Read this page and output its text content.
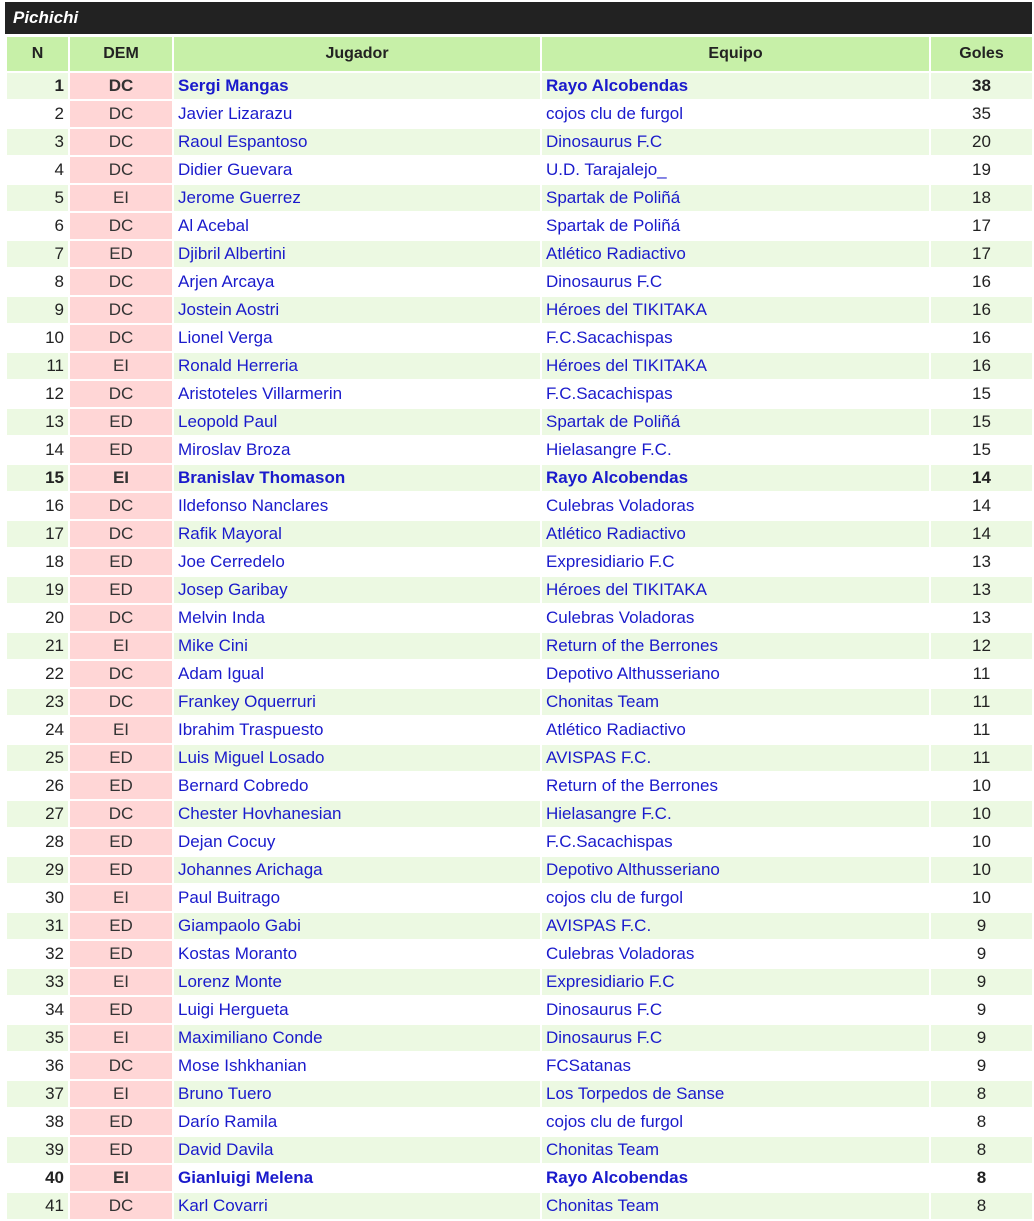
Pichichi
N	DEM	Jugador	Equipo	Goles
1	DC	Sergi Mangas	Rayo Alcobendas	38
2	DC	Javier Lizarazu	cojos clu de furgol	35
3	DC	Raoul Espantoso	Dinosaurus F.C	20
4	DC	Didier Guevara	U.D. Tarajalejo_	19
5	EI	Jerome Guerrez	Spartak de Poliñá	18
6	DC	Al Acebal	Spartak de Poliñá	17
7	ED	Djibril Albertini	Atlético Radiactivo	17
8	DC	Arjen Arcaya	Dinosaurus F.C	16
9	DC	Jostein Aostri	Héroes del TIKITAKA	16
10	DC	Lionel Verga	F.C.Sacachispas	16
11	EI	Ronald Herreria	Héroes del TIKITAKA	16
12	DC	Aristoteles Villarmerin	F.C.Sacachispas	15
13	ED	Leopold Paul	Spartak de Poliñá	15
14	ED	Miroslav Broza	Hielasangre F.C.	15
15	EI	Branislav Thomason	Rayo Alcobendas	14
16	DC	Ildefonso Nanclares	Culebras Voladoras	14
17	DC	Rafik Mayoral	Atlético Radiactivo	14
18	ED	Joe Cerredelo	Expresidiario F.C	13
19	ED	Josep Garibay	Héroes del TIKITAKA	13
20	DC	Melvin Inda	Culebras Voladoras	13
21	EI	Mike Cini	Return of the Berrones	12
22	DC	Adam Igual	Depotivo Althusseriano	11
23	DC	Frankey Oquerruri	Chonitas Team	11
24	EI	Ibrahim Traspuesto	Atlético Radiactivo	11
25	ED	Luis Miguel Losado	AVISPAS F.C.	11
26	ED	Bernard Cobredo	Return of the Berrones	10
27	DC	Chester Hovhanesian	Hielasangre F.C.	10
28	ED	Dejan Cocuy	F.C.Sacachispas	10
29	ED	Johannes Arichaga	Depotivo Althusseriano	10
30	EI	Paul Buitrago	cojos clu de furgol	10
31	ED	Giampaolo Gabi	AVISPAS F.C.	9
32	ED	Kostas Moranto	Culebras Voladoras	9
33	EI	Lorenz Monte	Expresidiario F.C	9
34	ED	Luigi Hergueta	Dinosaurus F.C	9
35	EI	Maximiliano Conde	Dinosaurus F.C	9
36	DC	Mose Ishkhanian	FCSatanas	9
37	EI	Bruno Tuero	Los Torpedos de Sanse	8
38	ED	Darío Ramila	cojos clu de furgol	8
39	ED	David Davila	Chonitas Team	8
40	EI	Gianluigi Melena	Rayo Alcobendas	8
41	DC	Karl Covarri	Chonitas Team	8
